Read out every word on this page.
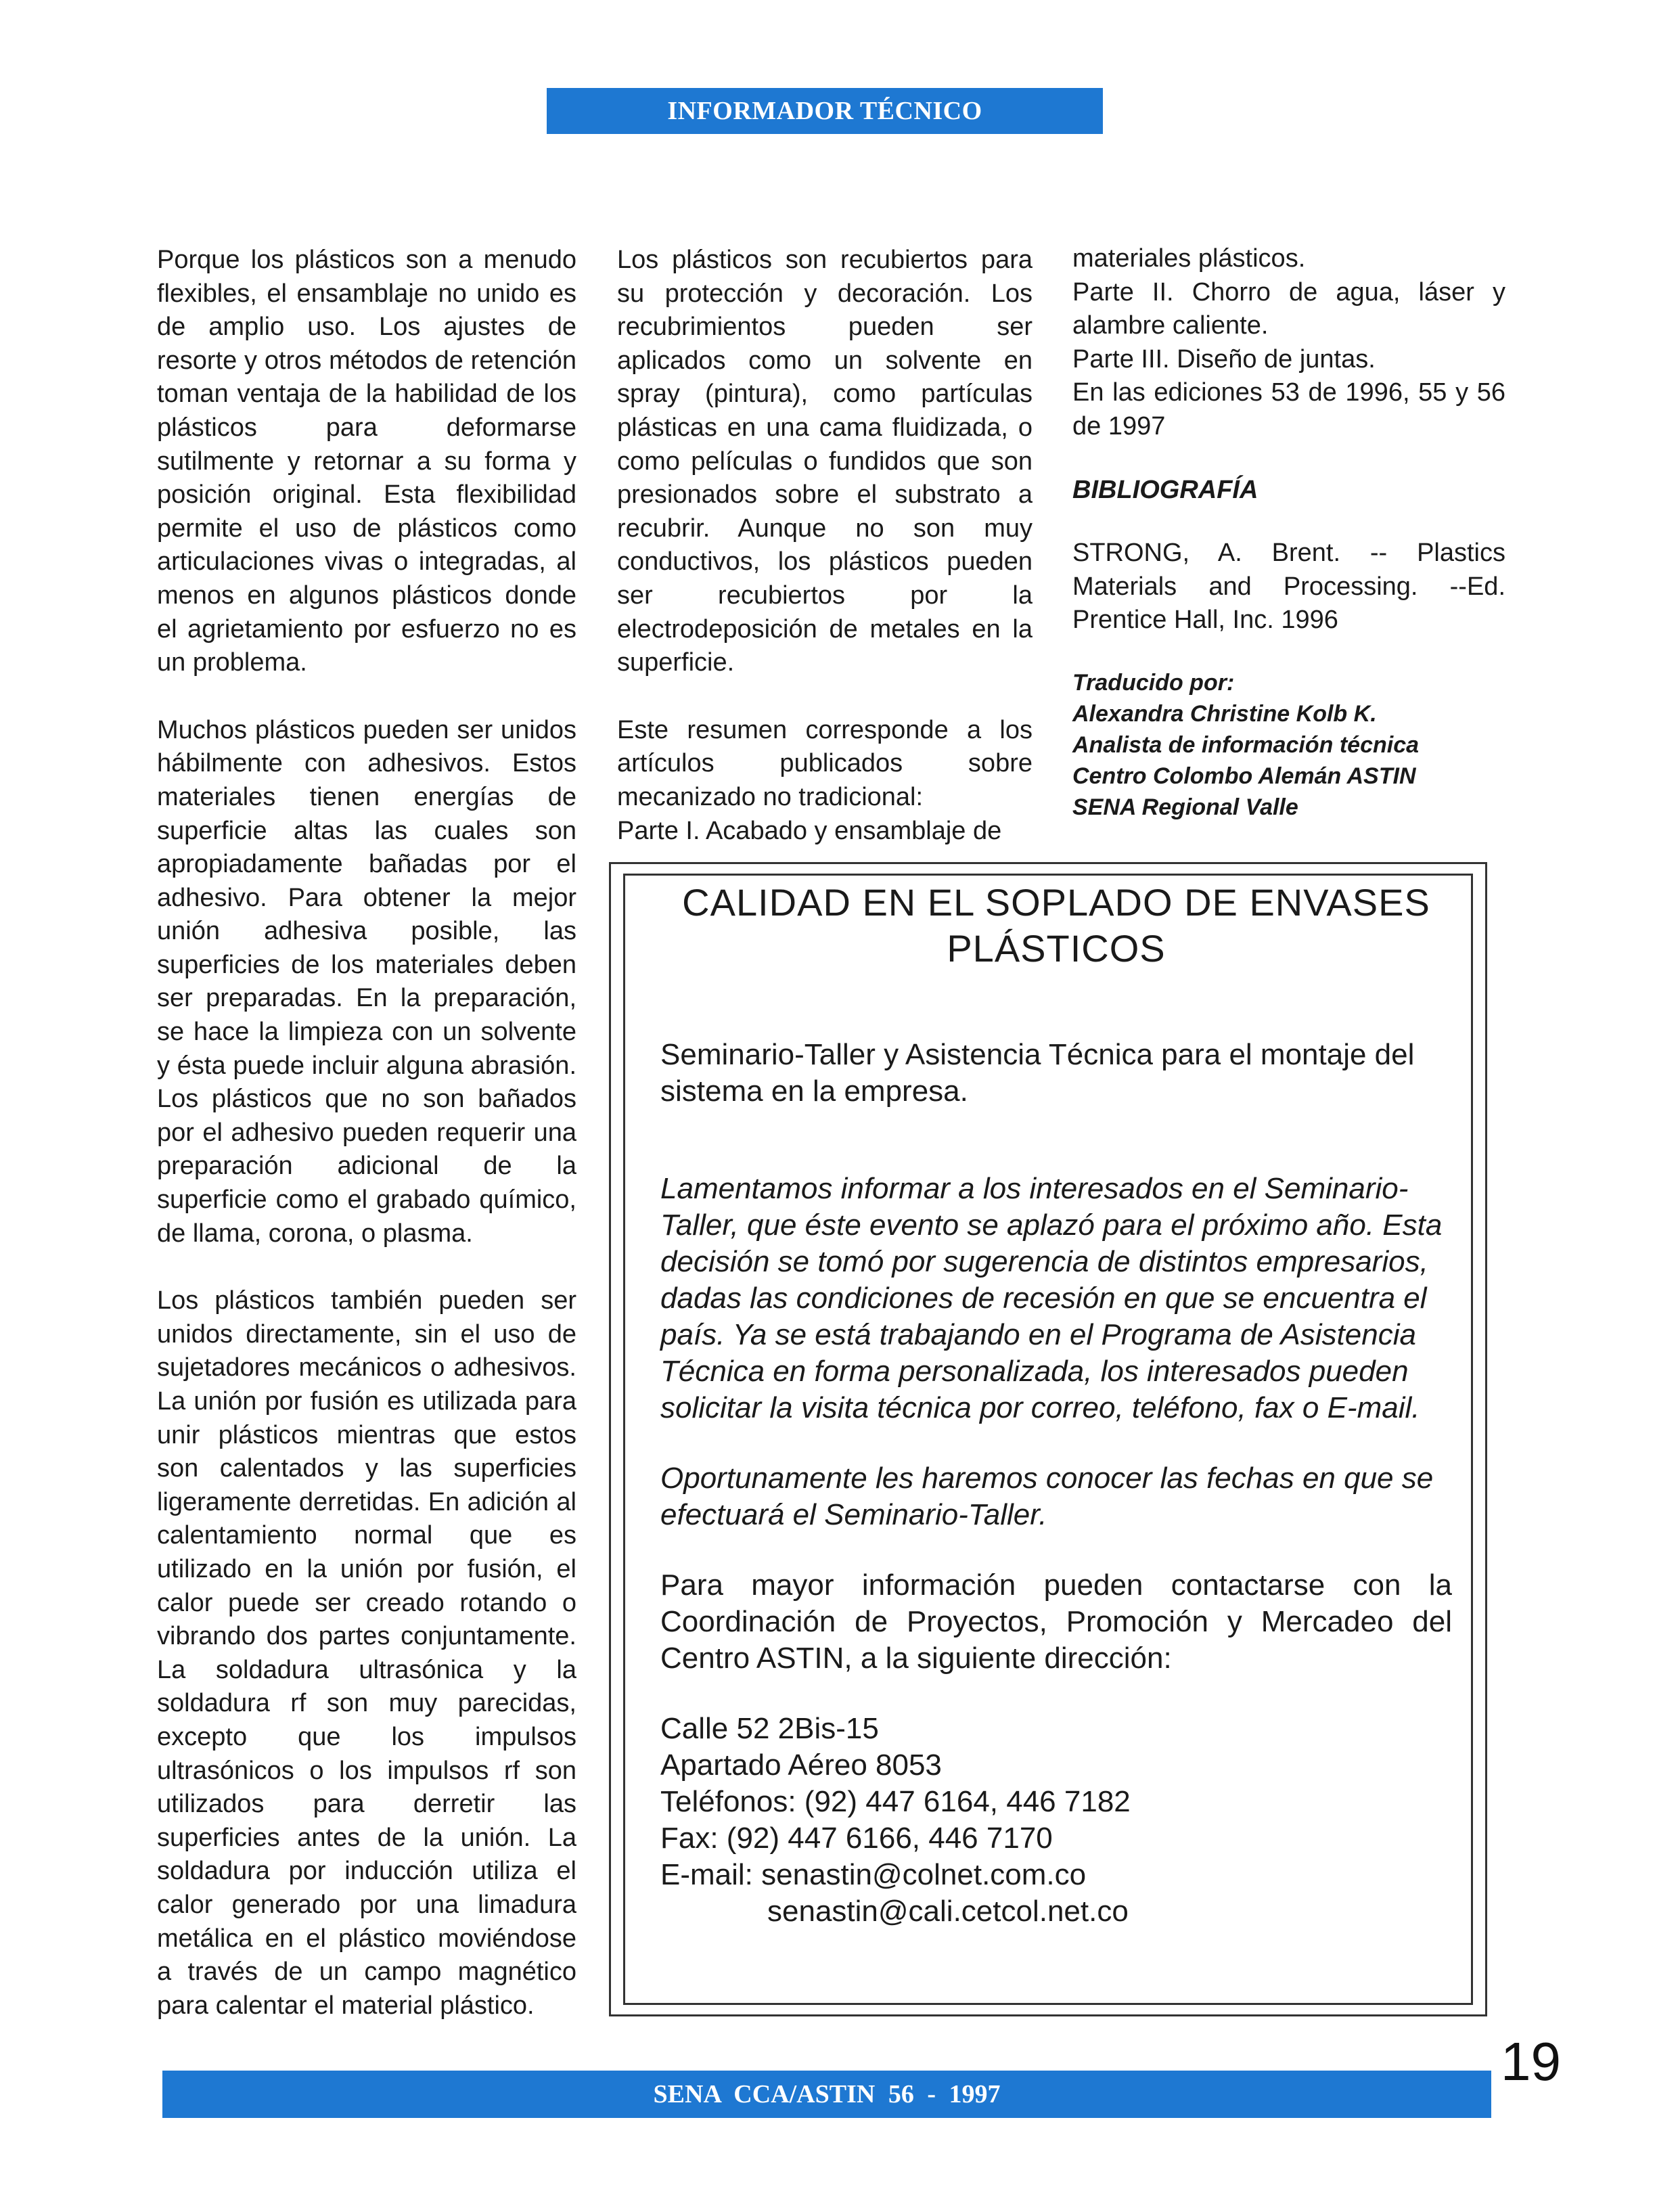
INFORMADOR TÉCNICO

Porque los plásticos son a menudo flexibles, el ensamblaje no unido es de amplio uso. Los ajustes de resorte y otros métodos de retención toman ventaja de la habilidad de los plásticos para deformarse sutilmente y retornar a su forma y posición original. Esta flexibilidad permite el uso de plásticos como articulaciones vivas o integradas, al menos en algunos plásticos donde el agrietamiento por esfuerzo no es un problema.

Muchos plásticos pueden ser unidos hábilmente con adhesivos. Estos materiales tienen energías de superficie altas las cuales son apropiadamente bañadas por el adhesivo. Para obtener la mejor unión adhesiva posible, las superficies de los materiales deben ser preparadas. En la preparación, se hace la limpieza con un solvente y ésta puede incluir alguna abrasión. Los plásticos que no son bañados por el adhesivo pueden requerir una preparación adicional de la superficie como el grabado químico, de llama, corona, o plasma.

Los plásticos también pueden ser unidos directamente, sin el uso de sujetadores mecánicos o adhesivos. La unión por fusión es utilizada para unir plásticos mientras que estos son calentados y las superficies ligeramente derretidas. En adición al calentamiento normal que es utilizado en la unión por fusión, el calor puede ser creado rotando o vibrando dos partes conjuntamente. La soldadura ultrasónica y la soldadura rf son muy parecidas, excepto que los impulsos ultrasónicos o los impulsos rf son utilizados para derretir las superficies antes de la unión. La soldadura por inducción utiliza el calor generado por una limadura metálica en el plástico moviéndose a través de un campo magnético para calentar el material plástico.

Los plásticos son recubiertos para su protección y decoración. Los recubrimientos pueden ser aplicados como un solvente en spray (pintura), como partículas plásticas en una cama fluidizada, o como películas o fundidos que son presionados sobre el substrato a recubrir. Aunque no son muy conductivos, los plásticos pueden ser recubiertos por la electrodeposición de metales en la superficie.

Este resumen corresponde a los artículos publicados sobre mecanizado no tradicional:

Parte I. Acabado y ensamblaje de

materiales plásticos.

Parte II. Chorro de agua, láser y alambre caliente.

Parte III. Diseño de juntas.

En las ediciones 53 de 1996, 55 y 56 de 1997

BIBLIOGRAFÍA

STRONG, A. Brent. -- Plastics Materials and Processing. --Ed. Prentice Hall, Inc. 1996

Traducido por:

Alexandra Christine Kolb K.

Analista de información técnica

Centro Colombo Alemán ASTIN

SENA Regional Valle

CALIDAD EN EL SOPLADO DE ENVASES PLÁSTICOS

Seminario-Taller y Asistencia Técnica para el montaje del sistema en la empresa.

Lamentamos informar a los interesados en el Seminario-Taller, que éste evento se aplazó para el próximo año. Esta decisión se tomó por sugerencia de distintos empresarios, dadas las condiciones de recesión en que se encuentra el país. Ya se está trabajando en el Programa de Asistencia Técnica en forma personalizada, los interesados pueden solicitar la visita técnica por correo, teléfono, fax o E-mail.

Oportunamente les haremos conocer las fechas en que se efectuará el Seminario-Taller.

Para mayor información pueden contactarse con la Coordinación de Proyectos, Promoción y Mercadeo del Centro ASTIN, a la siguiente dirección:

Calle 52 2Bis-15

Apartado Aéreo 8053

Teléfonos: (92) 447 6164, 446 7182

Fax: (92) 447 6166, 446 7170

E-mail: senastin@colnet.com.co

senastin@cali.cetcol.net.co

SENA CCA/ASTIN 56 - 1997
19
